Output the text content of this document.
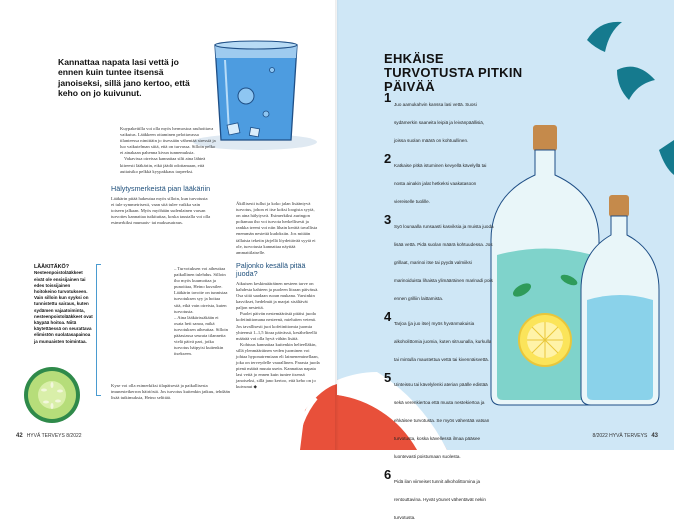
Kannattaa napata lasi vettä jo ennen kuin tuntee itsensä janoiseksi, sillä jano kertoo, että keho on jo kuivunut.

Kuypakeitilla voi olla myös hermostoa rauhoittava vaikutus. Lääkkeen ottaminen pelottavassa tilanteessa nimittäin jo itsessään vähentää stressiä ja luo vaikutelman siitä, että on turvassa. Silloin pelko ei ainakaan pahenna kivun tunnemuksia.

Vakavissa oireissa kannattaa silti aina lähteä kiireesti lääkäriin, eikä jäädä odottamaan, että auttaisiko pelkkä kyypakkaus tarpeeksi.

Hälytysmerkeistä pian lääkäriin

Lääkärin pitää hakeutua myös silloin, kun turvotusta ei tule symmetrisesti, vaan sitä tulee vaikka vain toiseen jalkaan. Myös myöhään sudenlainen varsan turvottes kannattaa tutkituttaa, koska taustalla voi olla esimerkiksi munuais- tai maksasairaus.

– Turvotuksen voi aiheuttaa paikallinen tulehdus. Silloin iho myös kuumottaa ja punoittaa, Heino kuvailee.

Lääkärin tavoite on tunnistaa turvotuksen syy ja hoitaa sitä, eikä vain oireista, kuten turvotusta.

– Aina lääkärissäkään ei osata heti sanoa, mikä turvotuksen aiheuttaa. Silloin pääasiassa seurata tilannetta vielä päivä pari, jotka turvotus häipyisi kuitenkin itsekseen.

Kyse voi olla esimerkiksi tilapäisestä ja paikallisesta tmunesteikerron häiriöstä. Jos turvotus kuitenkin jatkuu, tehdään lisää tutkimuksia, Heino selittää.

LÄÄKITÄKÖ?

Nesteenpoistolääkkeet eivät ole ensisijainen tai edes toissijainen hoitokeino turvotukseen. Vain silloin kun syyksi on tunnistettu sairaus, kuten sydämen vajaatoiminta, nesteenpoistolääkkeet ovat käypää hoitoa. Niitä käytettäessä on seurattava elimistön suolatasapainoa ja munuaisten toimintaa.

Äkillisesti tullut ja koko jalan lisääntyvä turvotus, johon ei itse koksi loogista syytä, on aina hälytysvä. Esimerkiksi auringon poltamaa iho voi turvota herkellisesti ja rankka treeni voi niin lihain kerätä tavallista enemmän nestettä kudoksiin. Jos mitään tällaista tekeiin järjellä löydettävää syytä ei ole, turvotusta kannattaa näyttää ammattilaiselle.

Paljonko kesällä pitää juoda?

Aikuisen keskimääräinen nesteen tarve on kahdesta kahteen ja puoleen litraan päivässä. Osa siitä saadaan ruoan mukana. Varsinkin kasvikset, hedelmät ja marjat sisältävät paljon nestettä.

Puolet päivän nestemäärästä pitäisi juoda kofeiinittomana nesteenä, mieluiten vetenä. Jos tavallisesti juot kofeiinittomia juomia yhteensä 1–1,5 litraa päivässä, kesähelteellä määrää voi olla hyvä vähän lisätä.

Kohtuus kannattaa kuitenkin helteelläkin, sillä ylenmääräinen veden juominen voi johtaa hyponatremiaan eli laimeneminellaan, joka on terveydelle vaarallinen. Parasta juoda pienä määrä muuta usein. Kannattaa napata lasi vettä jo ennen kuin tuntee itsensä janoiseksi, sillä jano kertoo, että keho on jo kuivunut ◆

42 HYVÄ TERVEYS 8/2022	8/2022 HYVÄ TERVEYS 43
EHKÄISE TURVOTUSTA PITKIN PÄIVÄÄ
1 Juo aamukahvin kanssa lasi vettä. Suosi sydämerkin saaneita leipiä ja leivänpäällisiä, joissa suolan määrä on kohtuullinen.
2 Katkaise pitkä istuminen kevyellä kävelyllä tai nosta ainakin jalat hetkeksi vaakatasoon viereiselle tuolille.
3 Syö lounaalla runsaasti kasviksia ja muista juoda lisää vettä. Pidä suolan määrä kohtuudessa. Jos grillaat, marinoi itse tai pyydä valmiiksi marinoiduista lihaista ylimääräinen marinadi pois ennen grilliin laittamista.
4 Tarjoa (ja juo itse) myös hyvänmakuisia alkoholittomia juomia, kuten sitruunalla, kurkulla tai mintulla maustettua vettä tai kivennäisvettä.
5 Uinteissu tai kävelylenki aterian päälle edistää sekä verenkiertoa että muuta nestekiertoa ja ehkäisee turvotusta. Se myös vähentää vatsan turvotusta, koska kävellessä ilmaa pääsee luontevasti poistumaan suolesta.
6 Pidä ilan viimeiset tunnit alkoholittomina ja rentouttavina. Hyvät yöunet vähentävät nekin turvotusta.
